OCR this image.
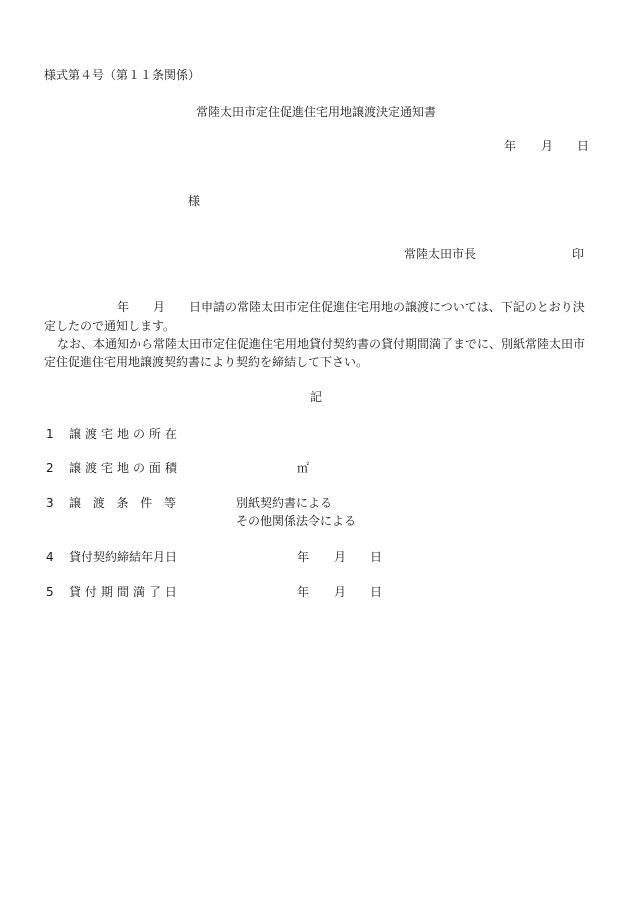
様式第４号（第１１条関係）
常陸太田市定住促進住宅用地譲渡決定通知書
年 月 日
様
常陸太田市長	印
年 月 日申請の常陸太田市定住促進住宅用地の譲渡については、下記のとおり決
定したので通知します。
なお、本通知から常陸太田市定住促進住宅用地貸付契約書の貸付期間満了までに、別紙常陸太田市
定住促進住宅用地譲渡契約書により契約を締結して下さい。
記
1 譲 渡 宅 地 の 所 在
2 譲 渡 宅 地 の 面 積	㎡
3 譲 渡 条 件 等	別紙契約書による
その他関係法令による
4 貸付契約締結年月日	年 月 日
5 貸 付 期 間 満 了 日	年 月 日
